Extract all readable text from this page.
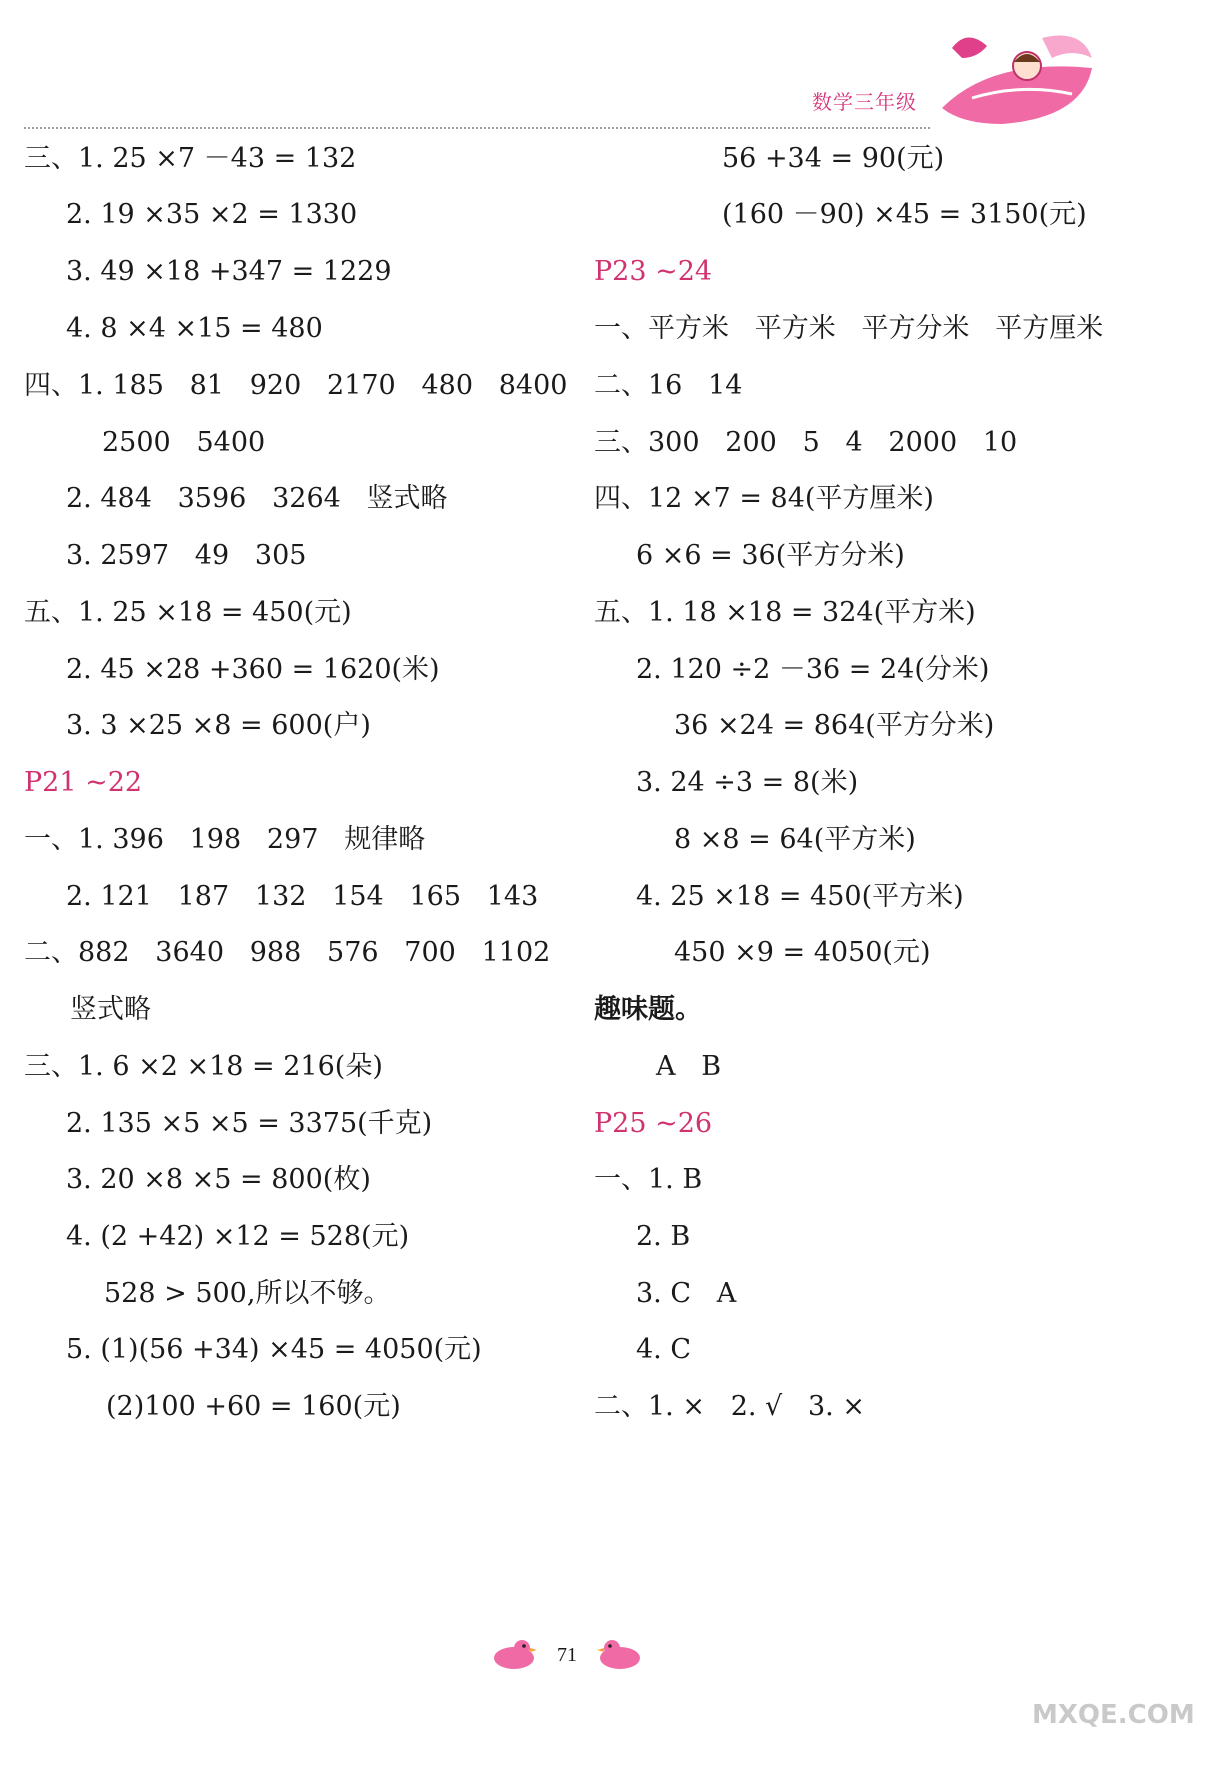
数学三年级
三、1. 25 ×7 －43 = 132
2. 19 ×35 ×2 = 1330
3. 49 ×18 +347 = 1229
4. 8 ×4 ×15 = 480
四、1. 185   81   920   2170   480   8400
2500   5400
2. 484   3596   3264   竖式略
3. 2597   49   305
五、1. 25 ×18 = 450(元)
2. 45 ×28 +360 = 1620(米)
3. 3 ×25 ×8 = 600(户)
P21 ~22
一、1. 396   198   297   规律略
2. 121   187   132   154   165   143
二、882   3640   988   576   700   1102
竖式略
三、1. 6 ×2 ×18 = 216(朵)
2. 135 ×5 ×5 = 3375(千克)
3. 20 ×8 ×5 = 800(枚)
4. (2 +42) ×12 = 528(元)
528 > 500,所以不够。
5. (1)(56 +34) ×45 = 4050(元)
(2)100 +60 = 160(元)
56 +34 = 90(元)
(160 －90) ×45 = 3150(元)
P23 ~24
一、平方米   平方米   平方分米   平方厘米
二、16   14
三、300   200   5   4   2000   10
四、12 ×7 = 84(平方厘米)
6 ×6 = 36(平方分米)
五、1. 18 ×18 = 324(平方米)
2. 120 ÷2 －36 = 24(分米)
36 ×24 = 864(平方分米)
3. 24 ÷3 = 8(米)
8 ×8 = 64(平方米)
4. 25 ×18 = 450(平方米)
450 ×9 = 4050(元)
趣味题。
A   B
P25 ~26
一、1. B
2. B
3. C   A
4. C
二、1. ×   2. √   3. ×
71
MXQE.COM
